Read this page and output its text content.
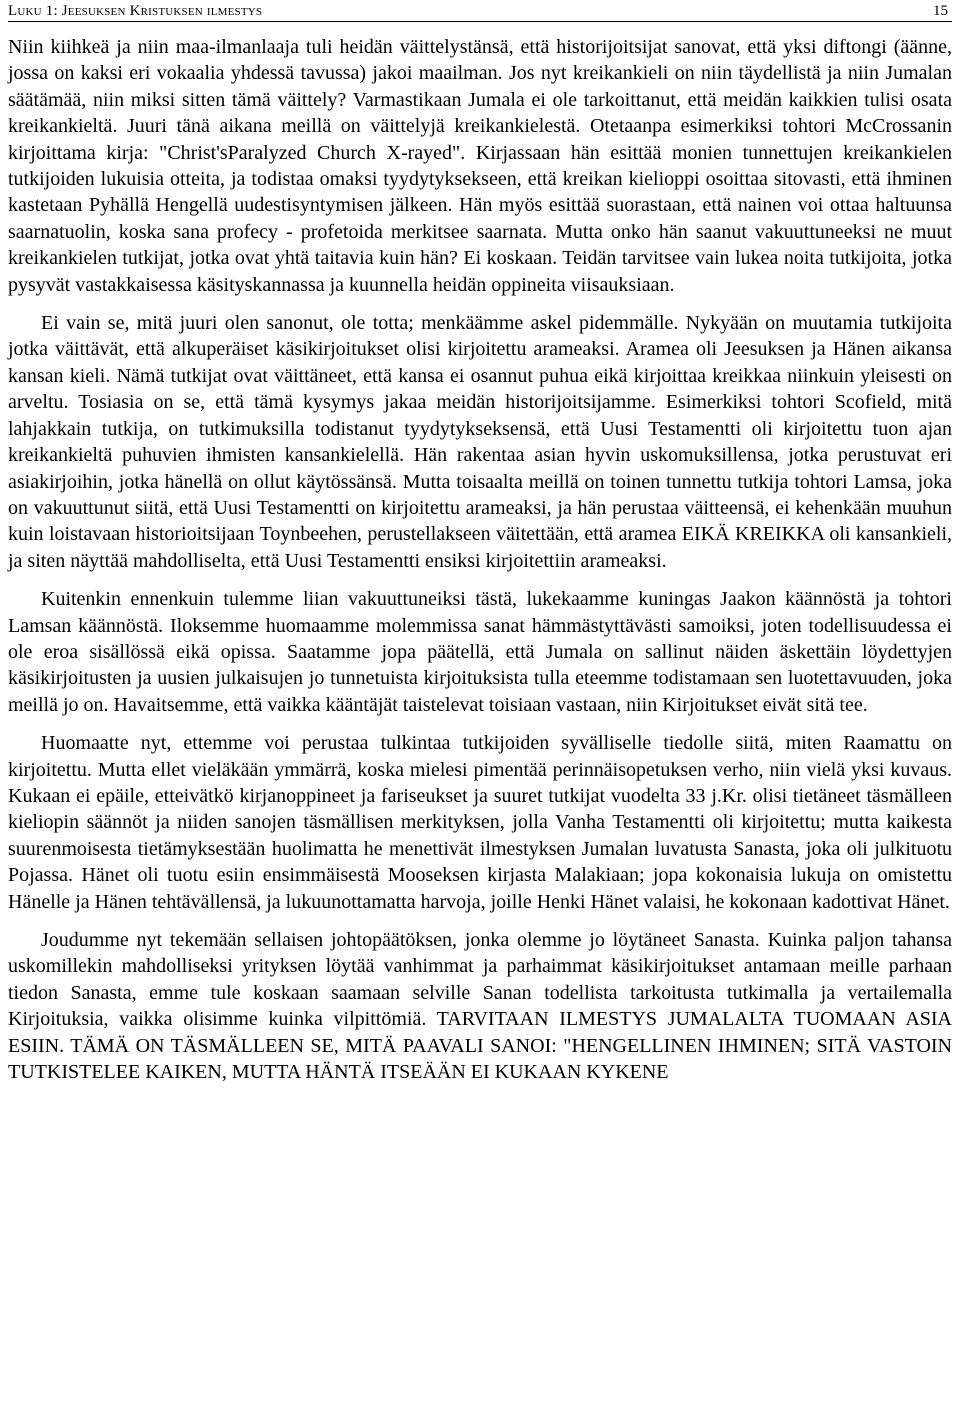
Luku 1: Jeesuksen Kristuksen ilmestys	15

Niin kiihkeä ja niin maa-ilmanlaaja tuli heidän väittelystänsä, että historijoitsijat sanovat, että yksi diftongi (äänne, jossa on kaksi eri vokaalia yhdessä tavussa) jakoi maailman. Jos nyt kreikankieli on niin täydellistä ja niin Jumalan säätämää, niin miksi sitten tämä väittely? Varmastikaan Jumala ei ole tarkoittanut, että meidän kaikkien tulisi osata kreikankieltä. Juuri tänä aikana meillä on väittelyjä kreikankielestä. Otetaanpa esimerkiksi tohtori McCrossanin kirjoittama kirja: "Christ'sParalyzed Church X-rayed". Kirjassaan hän esittää monien tunnettujen kreikankielen tutkijoiden lukuisia otteita, ja todistaa omaksi tyydytyksekseen, että kreikan kielioppi osoittaa sitovasti, että ihminen kastetaan Pyhällä Hengellä uudestisyntymisen jälkeen. Hän myös esittää suorastaan, että nainen voi ottaa haltuunsa saarnatuolin, koska sana profecy - profetoida merkitsee saarnata. Mutta onko hän saanut vakuuttuneeksi ne muut kreikankielen tutkijat, jotka ovat yhtä taitavia kuin hän? Ei koskaan. Teidän tarvitsee vain lukea noita tutkijoita, jotka pysyvät vastakkaisessa käsityskannassa ja kuunnella heidän oppineita viisauksiaan.

Ei vain se, mitä juuri olen sanonut, ole totta; menkäämme askel pidemmälle. Nykyään on muutamia tutkijoita jotka väittävät, että alkuperäiset käsikirjoitukset olisi kirjoitettu arameaksi. Aramea oli Jeesuksen ja Hänen aikansa kansan kieli. Nämä tutkijat ovat väittäneet, että kansa ei osannut puhua eikä kirjoittaa kreikkaa niinkuin yleisesti on arveltu. Tosiasia on se, että tämä kysymys jakaa meidän historijoitsijamme. Esimerkiksi tohtori Scofield, mitä lahjakkain tutkija, on tutkimuksilla todistanut tyydytykseksensä, että Uusi Testamentti oli kirjoitettu tuon ajan kreikankieltä puhuvien ihmisten kansankielellä. Hän rakentaa asian hyvin uskomuksillensa, jotka perustuvat eri asiakirjoihin, jotka hänellä on ollut käytössänsä. Mutta toisaalta meillä on toinen tunnettu tutkija tohtori Lamsa, joka on vakuuttunut siitä, että Uusi Testamentti on kirjoitettu arameaksi, ja hän perustaa väitteensä, ei kehenkään muuhun kuin loistavaan historioitsijaan Toynbeehen, perustellakseen väitettään, että aramea EIKÄ KREIKKA oli kansankieli, ja siten näyttää mahdolliselta, että Uusi Testamentti ensiksi kirjoitettiin arameaksi.

Kuitenkin ennenkuin tulemme liian vakuuttuneiksi tästä, lukekaamme kuningas Jaakon käännöstä ja tohtori Lamsan käännöstä. Iloksemme huomaamme molemmissa sanat hämmästyttävästi samoiksi, joten todellisuudessa ei ole eroa sisällössä eikä opissa. Saatamme jopa päätellä, että Jumala on sallinut näiden äskettäin löydettyjen käsikirjoitusten ja uusien julkaisujen jo tunnetuista kirjoituksista tulla eteemme todistamaan sen luotettavuuden, joka meillä jo on. Havaitsemme, että vaikka kääntäjät taistelevat toisiaan vastaan, niin Kirjoitukset eivät sitä tee.

Huomaatte nyt, ettemme voi perustaa tulkintaa tutkijoiden syvälliselle tiedolle siitä, miten Raamattu on kirjoitettu. Mutta ellet vieläkään ymmärrä, koska mielesi pimentää perinnäisopetuksen verho, niin vielä yksi kuvaus. Kukaan ei epäile, etteivätkö kirjanoppineet ja fariseukset ja suuret tutkijat vuodelta 33 j.Kr. olisi tietäneet täsmälleen kieliopin säännöt ja niiden sanojen täsmällisen merkityksen, jolla Vanha Testamentti oli kirjoitettu; mutta kaikesta suurenmoisesta tietämyksestään huolimatta he menettivät ilmestyksen Jumalan luvatusta Sanasta, joka oli julkituotu Pojassa. Hänet oli tuotu esiin ensimmäisestä Mooseksen kirjasta Malakiaan; jopa kokonaisia lukuja on omistettu Hänelle ja Hänen tehtävällensä, ja lukuunottamatta harvoja, joille Henki Hänet valaisi, he kokonaan kadottivat Hänet.

Joudumme nyt tekemään sellaisen johtopäätöksen, jonka olemme jo löytäneet Sanasta. Kuinka paljon tahansa uskomillekin mahdolliseksi yrityksen löytää vanhimmat ja parhaimmat käsikirjoitukset antamaan meille parhaan tiedon Sanasta, emme tule koskaan saamaan selville Sanan todellista tarkoitusta tutkimalla ja vertailemalla Kirjoituksia, vaikka olisimme kuinka vilpittömiä. TARVITAAN ILMESTYS JUMALALTA TUOMAAN ASIA ESIIN. TÄMÄ ON TÄSMÄLLEEN SE, MITÄ PAAVALI SANOI: "HENGELLINEN IHMINEN; SITÄ VASTOIN TUTKISTELEE KAIKEN, MUTTA HÄNTÄ ITSEÄÄN EI KUKAAN KYKENE
